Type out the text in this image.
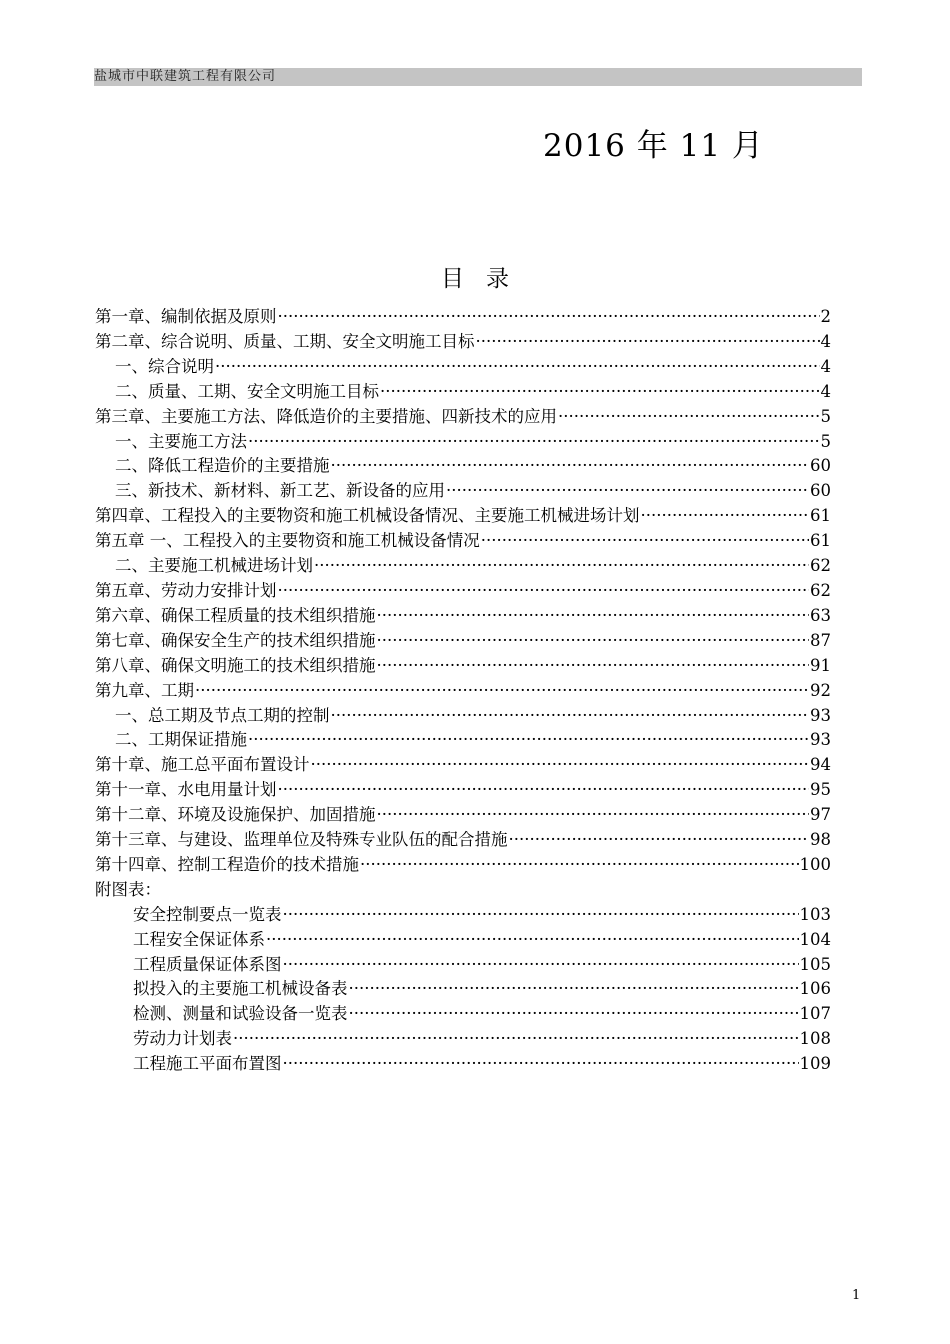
盐城市中联建筑工程有限公司
2016 年 11 月
目录
第一章、编制依据及原则 ·····	2
第二章、综合说明、质量、工期、安全文明施工目标 ·····	4
一、综合说明 ·····	4
二、质量、工期、安全文明施工目标 ·····	4
第三章、主要施工方法、降低造价的主要措施、四新技术的应用 ·····	5
一、主要施工方法 ·····	5
二、降低工程造价的主要措施 ·····	60
三、新技术、新材料、新工艺、新设备的应用 ·····	60
第四章、工程投入的主要物资和施工机械设备情况、主要施工机械进场计划 ·····	61
第五章 一、工程投入的主要物资和施工机械设备情况 ·····	61
二、主要施工机械进场计划 ·····	62
第五章、劳动力安排计划 ·····	62
第六章、确保工程质量的技术组织措施 ·····	63
第七章、确保安全生产的技术组织措施 ·····	87
第八章、确保文明施工的技术组织措施 ·····	91
第九章、工期 ·····	92
一、总工期及节点工期的控制 ·····	93
二、工期保证措施 ·····	93
第十章、施工总平面布置设计 ·····	94
第十一章、水电用量计划 ·····	95
第十二章、环境及设施保护、加固措施 ·····	97
第十三章、与建设、监理单位及特殊专业队伍的配合措施 ·····	98
第十四章、控制工程造价的技术措施 ·····	100
附图表：
安全控制要点一览表 ·····	103
工程安全保证体系 ·····	104
工程质量保证体系图 ·····	105
拟投入的主要施工机械设备表 ·····	106
检测、测量和试验设备一览表 ·····	107
劳动力计划表 ·····	108
工程施工平面布置图 ·····	109
1
